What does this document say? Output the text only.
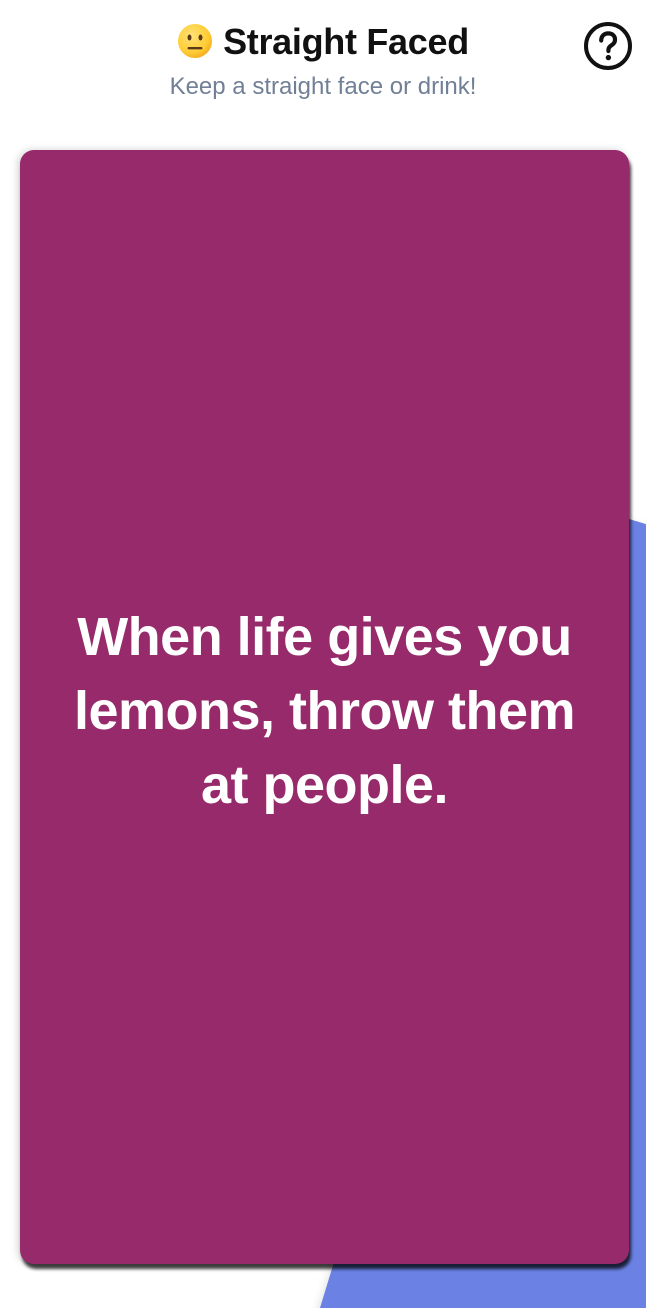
Straight Faced
Keep a straight face or drink!
When life gives you lemons, throw them at people.
